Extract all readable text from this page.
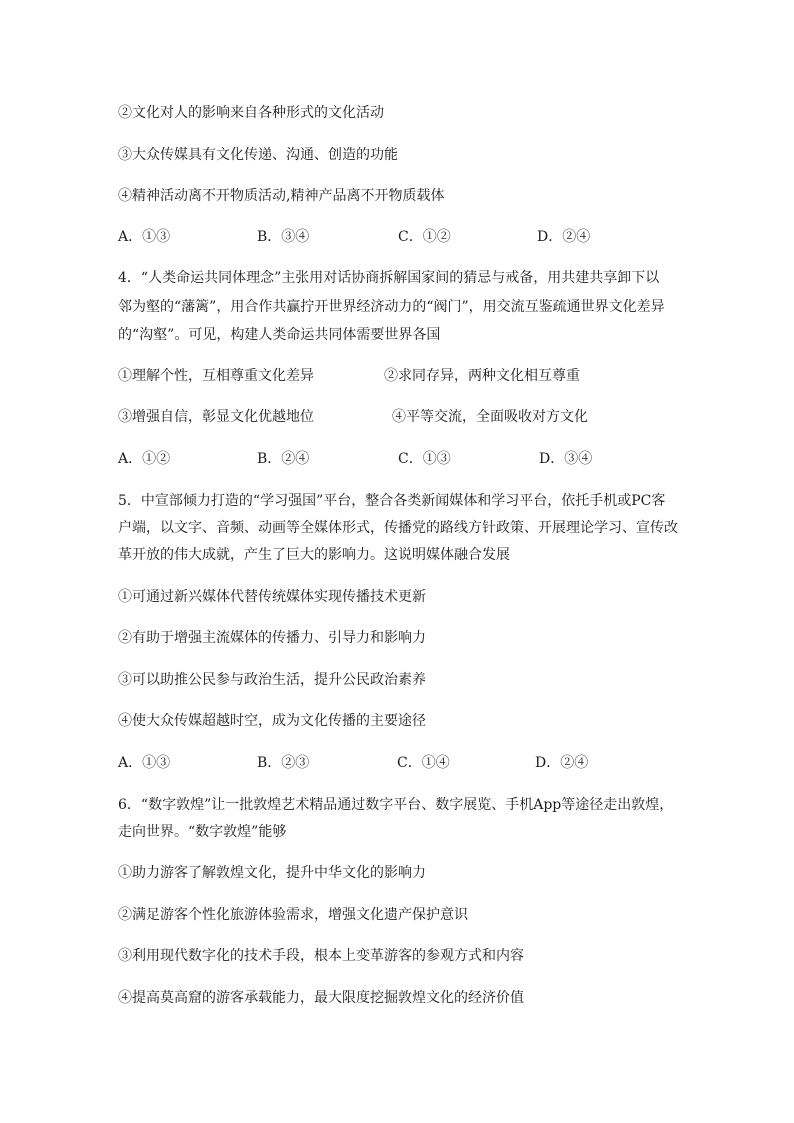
②文化对人的影响来自各种形式的文化活动
③大众传媒具有文化传递、沟通、创造的功能
④精神活动离不开物质活动,精神产品离不开物质载体
A．①③	B．③④	C．①②	D．②④
4．“人类命运共同体理念”主张用对话协商拆解国家间的猜忌与戒备，用共建共享卸下以
邻为壑的“藩篱”，用合作共赢拧开世界经济动力的“阀门”，用交流互鉴疏通世界文化差异
的“沟壑”。可见，构建人类命运共同体需要世界各国
①理解个性，互相尊重文化差异	②求同存异，两种文化相互尊重
③增强自信，彰显文化优越地位	④平等交流，全面吸收对方文化
A．①②	B．②④	C．①③	D．③④
5．中宣部倾力打造的“学习强国”平台，整合各类新闻媒体和学习平台，依托手机或PC客
户端，以文字、音频、动画等全媒体形式，传播党的路线方针政策、开展理论学习、宣传改
革开放的伟大成就，产生了巨大的影响力。这说明媒体融合发展
①可通过新兴媒体代替传统媒体实现传播技术更新
②有助于增强主流媒体的传播力、引导力和影响力
③可以助推公民参与政治生活，提升公民政治素养
④使大众传媒超越时空，成为文化传播的主要途径
A．①③	B．②③	C．①④	D．②④
6．“数字敦煌”让一批敦煌艺术精品通过数字平台、数字展览、手机App等途径走出敦煌，
走向世界。“数字敦煌”能够
①助力游客了解敦煌文化，提升中华文化的影响力
②满足游客个性化旅游体验需求，增强文化遗产保护意识
③利用现代数字化的技术手段，根本上变革游客的参观方式和内容
④提高莫高窟的游客承载能力，最大限度挖掘敦煌文化的经济价值
